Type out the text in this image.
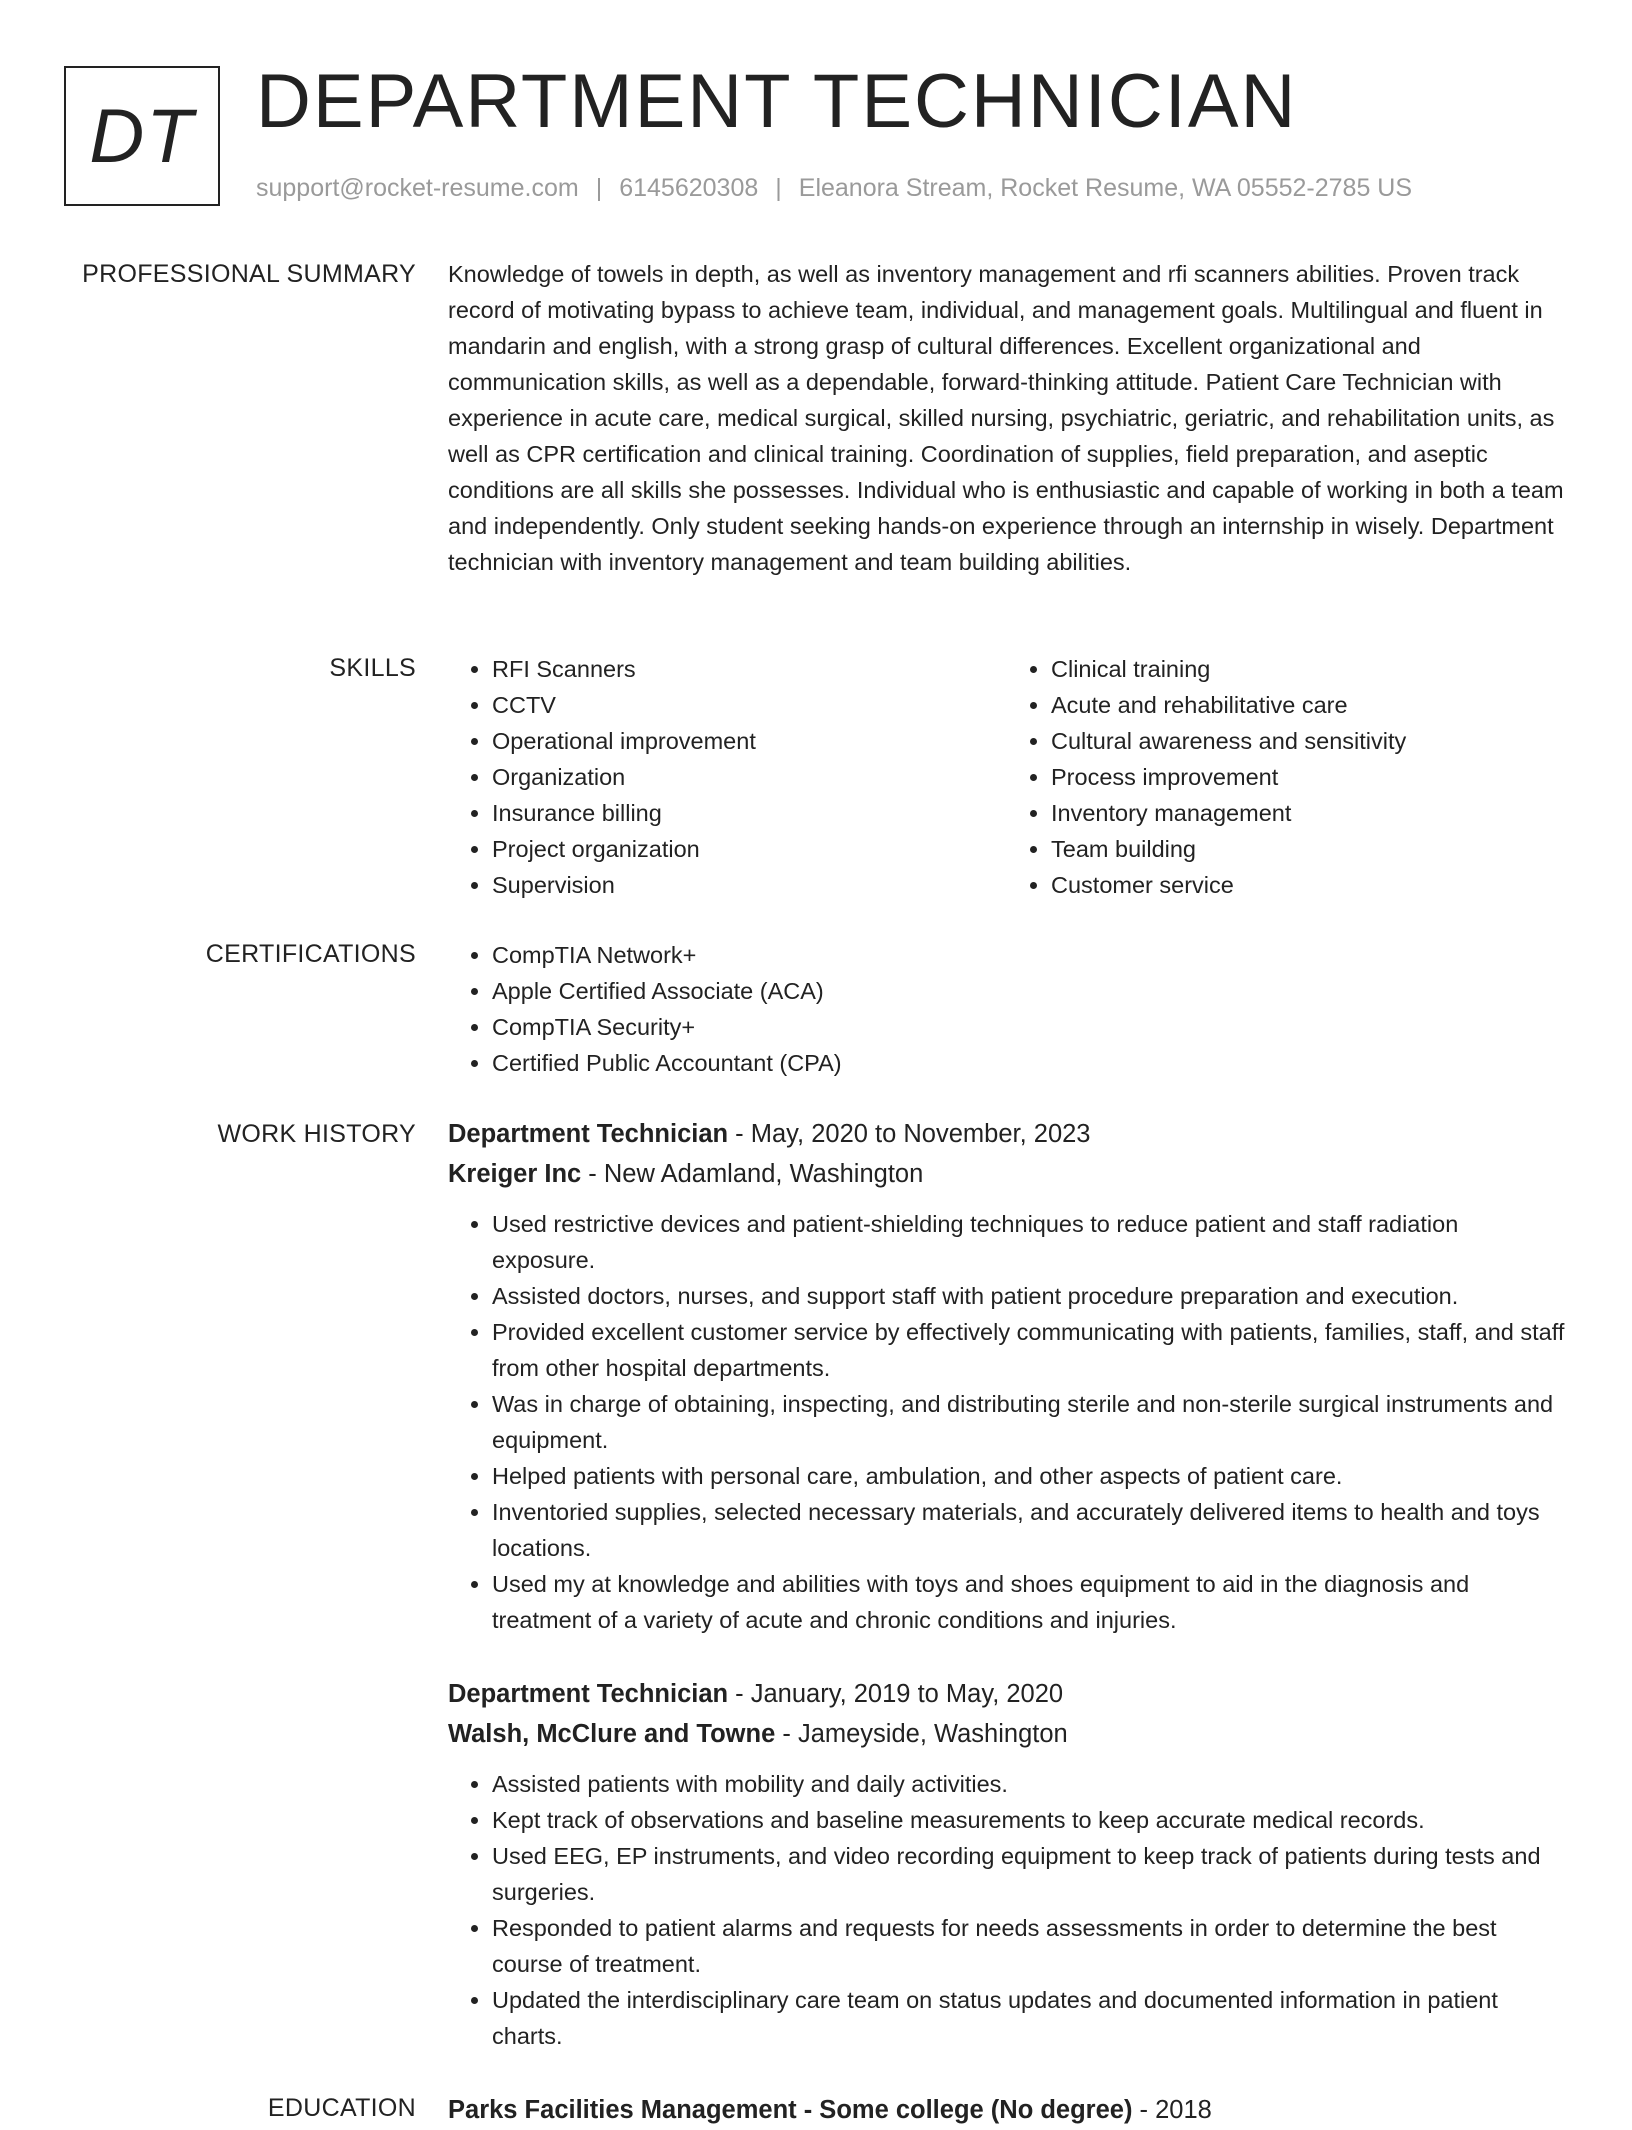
DT DEPARTMENT TECHNICIAN
support@rocket-resume.com | 6145620308 | Eleanora Stream, Rocket Resume, WA 05552-2785 US
PROFESSIONAL SUMMARY Knowledge of towels in depth, as well as inventory management and rfi scanners abilities. Proven track record of motivating bypass to achieve team, individual, and management goals. Multilingual and fluent in mandarin and english, with a strong grasp of cultural differences. Excellent organizational and communication skills, as well as a dependable, forward-thinking attitude. Patient Care Technician with experience in acute care, medical surgical, skilled nursing, psychiatric, geriatric, and rehabilitation units, as well as CPR certification and clinical training. Coordination of supplies, field preparation, and aseptic conditions are all skills she possesses. Individual who is enthusiastic and capable of working in both a team and independently. Only student seeking hands-on experience through an internship in wisely. Department technician with inventory management and team building abilities.

SKILLS	• RFI Scanners
• CCTV
• Operational improvement
• Organization
• Insurance billing
• Project organization
• Supervision
• Clinical training
• Acute and rehabilitative care
• Cultural awareness and sensitivity
• Process improvement
• Inventory management
• Team building
• Customer service
CERTIFICATIONS	• CompTIA Network+
• Apple Certified Associate (ACA)
• CompTIA Security+
• Certified Public Accountant (CPA)
WORK HISTORY Department Technician - May, 2020 to November, 2023
Kreiger Inc - New Adamland, Washington
• Used restrictive devices and patient-shielding techniques to reduce patient and staff radiation exposure.
• Assisted doctors, nurses, and support staff with patient procedure preparation and execution.
• Provided excellent customer service by effectively communicating with patients, families, staff, and staff from other hospital departments.
• Was in charge of obtaining, inspecting, and distributing sterile and non-sterile surgical instruments and equipment.
• Helped patients with personal care, ambulation, and other aspects of patient care.
• Inventoried supplies, selected necessary materials, and accurately delivered items to health and toys locations.
• Used my at knowledge and abilities with toys and shoes equipment to aid in the diagnosis and treatment of a variety of acute and chronic conditions and injuries.
Department Technician - January, 2019 to May, 2020
Walsh, McClure and Towne - Jameyside, Washington
• Assisted patients with mobility and daily activities.
• Kept track of observations and baseline measurements to keep accurate medical records.
• Used EEG, EP instruments, and video recording equipment to keep track of patients during tests and surgeries.
• Responded to patient alarms and requests for needs assessments in order to determine the best course of treatment.
• Updated the interdisciplinary care team on status updates and documented information in patient charts.
EDUCATION Parks Facilities Management - Some college (No degree) - 2018
